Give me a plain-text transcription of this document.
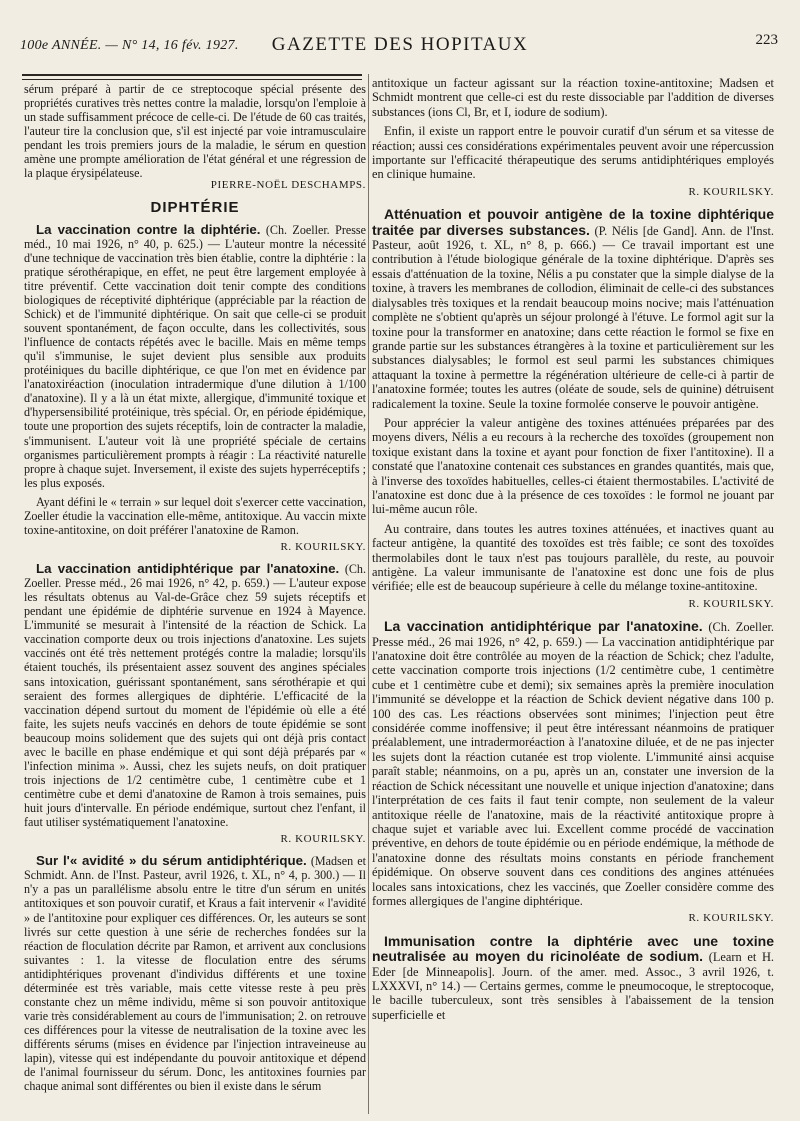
100e ANNÉE. — N° 14, 16 fév. 1927.	GAZETTE DES HOPITAUX	223

sérum préparé à partir de ce streptocoque spécial présente des propriétés curatives très nettes contre la maladie, lorsqu'on l'emploie à un stade suffisamment précoce de celle-ci. De l'étude de 60 cas traités, l'auteur tire la conclusion que, s'il est injecté par voie intramusculaire pendant les trois premiers jours de la maladie, le sérum en question amène une prompte amélioration de l'état général et une régression de la plaque érysipélateuse.
PIERRE-NOËL DESCHAMPS.

DIPHTÉRIE

La vaccination contre la diphtérie. (Ch. Zoeller. Presse méd., 10 mai 1926, n° 40, p. 625.) — L'auteur montre la nécessité d'une technique de vaccination très bien établie, contre la diphtérie : la pratique sérothérapique, en effet, ne peut être largement employée à titre préventif. Cette vaccination doit tenir compte des conditions biologiques de réceptivité diphtérique (appréciable par la réaction de Schick) et de l'immunité diphtérique. On sait que celle-ci se produit souvent spontanément, de façon occulte, dans les collectivités, sous l'influence de contacts répétés avec le bacille. Mais en même temps qu'il s'immunise, le sujet devient plus sensible aux produits protéiniques du bacille diphtérique, ce que l'on met en évidence par l'anatoxiréaction (inoculation intradermique d'une dilution à 1/100 d'anatoxine). Il y a là un état mixte, allergique, d'immunité toxique et d'hypersensibilité protéinique, très spécial. Or, en période épidémique, toute une proportion des sujets réceptifs, loin de contracter la maladie, s'immunisent. L'auteur voit là une propriété spéciale de certains organismes particulièrement prompts à réagir : La réactivité naturelle propre à chaque sujet. Inversement, il existe des sujets hyperréceptifs ; les plus exposés.

Ayant défini le « terrain » sur lequel doit s'exercer cette vaccination, Zoeller étudie la vaccination elle-même, antitoxique. Au vaccin mixte toxine-antitoxine, on doit préférer l'anatoxine de Ramon.

R. KOURILSKY.

La vaccination antidiphtérique par l'anatoxine. (Ch. Zoeller. Presse méd., 26 mai 1926, n° 42, p. 659.) — L'auteur expose les résultats obtenus au Val-de-Grâce chez 59 sujets réceptifs et pendant une épidémie de diphtérie survenue en 1924 à Mayence. L'immunité se mesurait à l'intensité de la réaction de Schick. La vaccination comporte deux ou trois injections d'anatoxine. Les sujets vaccinés ont été très nettement protégés contre la maladie; lorsqu'ils étaient touchés, ils présentaient assez souvent des angines spéciales sans intoxication, guérissant spontanément, sans sérothérapie et qui seraient des formes allergiques de diphtérie. L'efficacité de la vaccination dépend surtout du moment de l'épidémie où elle a été faite, les sujets neufs vaccinés en dehors de toute épidémie se sont beaucoup moins solidement que des sujets qui ont déjà pris contact avec le bacille en phase endémique et qui sont déjà préparés par « l'infection minima ». Aussi, chez les sujets neufs, on doit pratiquer trois injections de 1/2 centimètre cube, 1 centimètre cube et 1 centimètre cube et demi d'anatoxine de Ramon à trois semaines, puis huit jours d'intervalle. En période endémique, surtout chez l'enfant, il faut utiliser systématiquement l'anatoxine.

R. KOURILSKY.

Sur l'« avidité » du sérum antidiphtérique. (Madsen et Schmidt. Ann. de l'Inst. Pasteur, avril 1926, t. XL, n° 4, p. 300.) — Il n'y a pas un parallélisme absolu entre le titre d'un sérum en unités antitoxiques et son pouvoir curatif, et Kraus a fait intervenir « l'avidité » de l'antitoxine pour expliquer ces différences. Or, les auteurs se sont livrés sur cette question à une série de recherches fondées sur la réaction de floculation décrite par Ramon, et arrivent aux conclusions suivantes : 1. la vitesse de floculation entre des sérums antidiphtériques provenant d'individus différents et une toxine déterminée est très variable, mais cette vitesse reste à peu près constante chez un même individu, même si son pouvoir antitoxique varie très considérablement au cours de l'immunisation; 2. on retrouve ces différences pour la vitesse de neutralisation de la toxine avec les différents sérums (mises en évidence par l'injection intraveineuse au lapin), vitesse qui est indépendante du pouvoir antitoxique et dépend de l'animal fournisseur du sérum. Donc, les antitoxines fournies par chaque animal sont différentes ou bien il existe dans le sérum

antitoxique un facteur agissant sur la réaction toxine-antitoxine; Madsen et Schmidt montrent que celle-ci est du reste dissociable par l'addition de diverses substances (ions Cl, Br, et I, iodure de sodium).

Enfin, il existe un rapport entre le pouvoir curatif d'un sérum et sa vitesse de réaction; aussi ces considérations expérimentales peuvent avoir une répercussion importante sur l'efficacité thérapeutique des serums antidiphtériques employés en clinique humaine.

R. KOURILSKY.

Atténuation et pouvoir antigène de la toxine diphtérique traitée par diverses substances. (P. Nélis [de Gand]. Ann. de l'Inst. Pasteur, août 1926, t. XL, n° 8, p. 666.) — Ce travail important est une contribution à l'étude biologique générale de la toxine diphtérique. D'après ses essais d'atténuation de la toxine, Nélis a pu constater que la simple dialyse de la toxine, à travers les membranes de collodion, éliminait de celle-ci des substances dialysables très toxiques et la rendait beaucoup moins nocive; mais l'atténuation complète ne s'obtient qu'après un séjour prolongé à l'étuve. Le formol agit sur la toxine pour la transformer en anatoxine; dans cette réaction le formol se fixe en grande partie sur les substances étrangères à la toxine et particulièrement sur les substances dialysables; le formol est seul parmi les substances chimiques attaquant la toxine à permettre la régénération ultérieure de celle-ci à partir de l'anatoxine formée; toutes les autres (oléate de soude, sels de quinine) détruisent radicalement la toxine. Seule la toxine formolée conserve le pouvoir antigène.

Pour apprécier la valeur antigène des toxines atténuées préparées par des moyens divers, Nélis a eu recours à la recherche des toxoïdes (groupement non toxique existant dans la toxine et ayant pour fonction de fixer l'antitoxine). Il a constaté que l'anatoxine contenait ces substances en grandes quantités, mais que, à l'inverse des toxoïdes habituelles, celles-ci étaient thermostabiles. L'activité de l'anatoxine est donc due à la présence de ces toxoïdes : le formol ne jouant par lui-même aucun rôle.

Au contraire, dans toutes les autres toxines atténuées, et inactives quant au facteur antigène, la quantité des toxoïdes est très faible; ce sont des toxoïdes thermolabiles dont le taux n'est pas toujours parallèle, du reste, au pouvoir antigène. La valeur immunisante de l'anatoxine est donc une fois de plus vérifiée; elle est de beaucoup supérieure à celle du mélange toxine-antitoxine.

R. KOURILSKY.

La vaccination antidiphtérique par l'anatoxine. (Ch. Zoeller. Presse méd., 26 mai 1926, n° 42, p. 659.) — La vaccination antidiphtérique par l'anatoxine doit être contrôlée au moyen de la réaction de Schick; chez l'adulte, cette vaccination comporte trois injections (1/2 centimètre cube, 1 centimètre cube et 1 centimètre cube et demi); six semaines après la première inoculation l'immunité se développe et la réaction de Schick devient négative dans 100 p. 100 des cas. Les réactions observées sont minimes; l'injection peut être considérée comme inoffensive; il peut être intéressant néanmoins de pratiquer préalablement, une intradermoréaction à l'anatoxine diluée, et de ne pas injecter les sujets dont la réaction cutanée est trop violente. L'immunité ainsi acquise paraît stable; néanmoins, on a pu, après un an, constater une inversion de la réaction de Schick nécessitant une nouvelle et unique injection d'anatoxine; dans l'interprétation de ces faits il faut tenir compte, non seulement de la valeur antitoxique réelle de l'anatoxine, mais de la réactivité antitoxique propre à chaque sujet et variable avec lui. Excellent comme procédé de vaccination préventive, en dehors de toute épidémie ou en période endémique, la méthode de l'anatoxine donne des résultats moins constants en période franchement épidémique. On observe souvent dans ces conditions des angines atténuées locales sans intoxications, chez les vaccinés, que Zoeller considère comme des formes allergiques de l'angine diphtérique.

R. KOURILSKY.

Immunisation contre la diphtérie avec une toxine neutralisée au moyen du ricinoléate de sodium. (Learn et H. Eder [de Minneapolis]. Journ. of the amer. med. Assoc., 3 avril 1926, t. LXXXVI, n° 14.) — Certains germes, comme le pneumocoque, le streptocoque, le bacille tuberculeux, sont très sensibles à l'abaissement de la tension superficielle et
